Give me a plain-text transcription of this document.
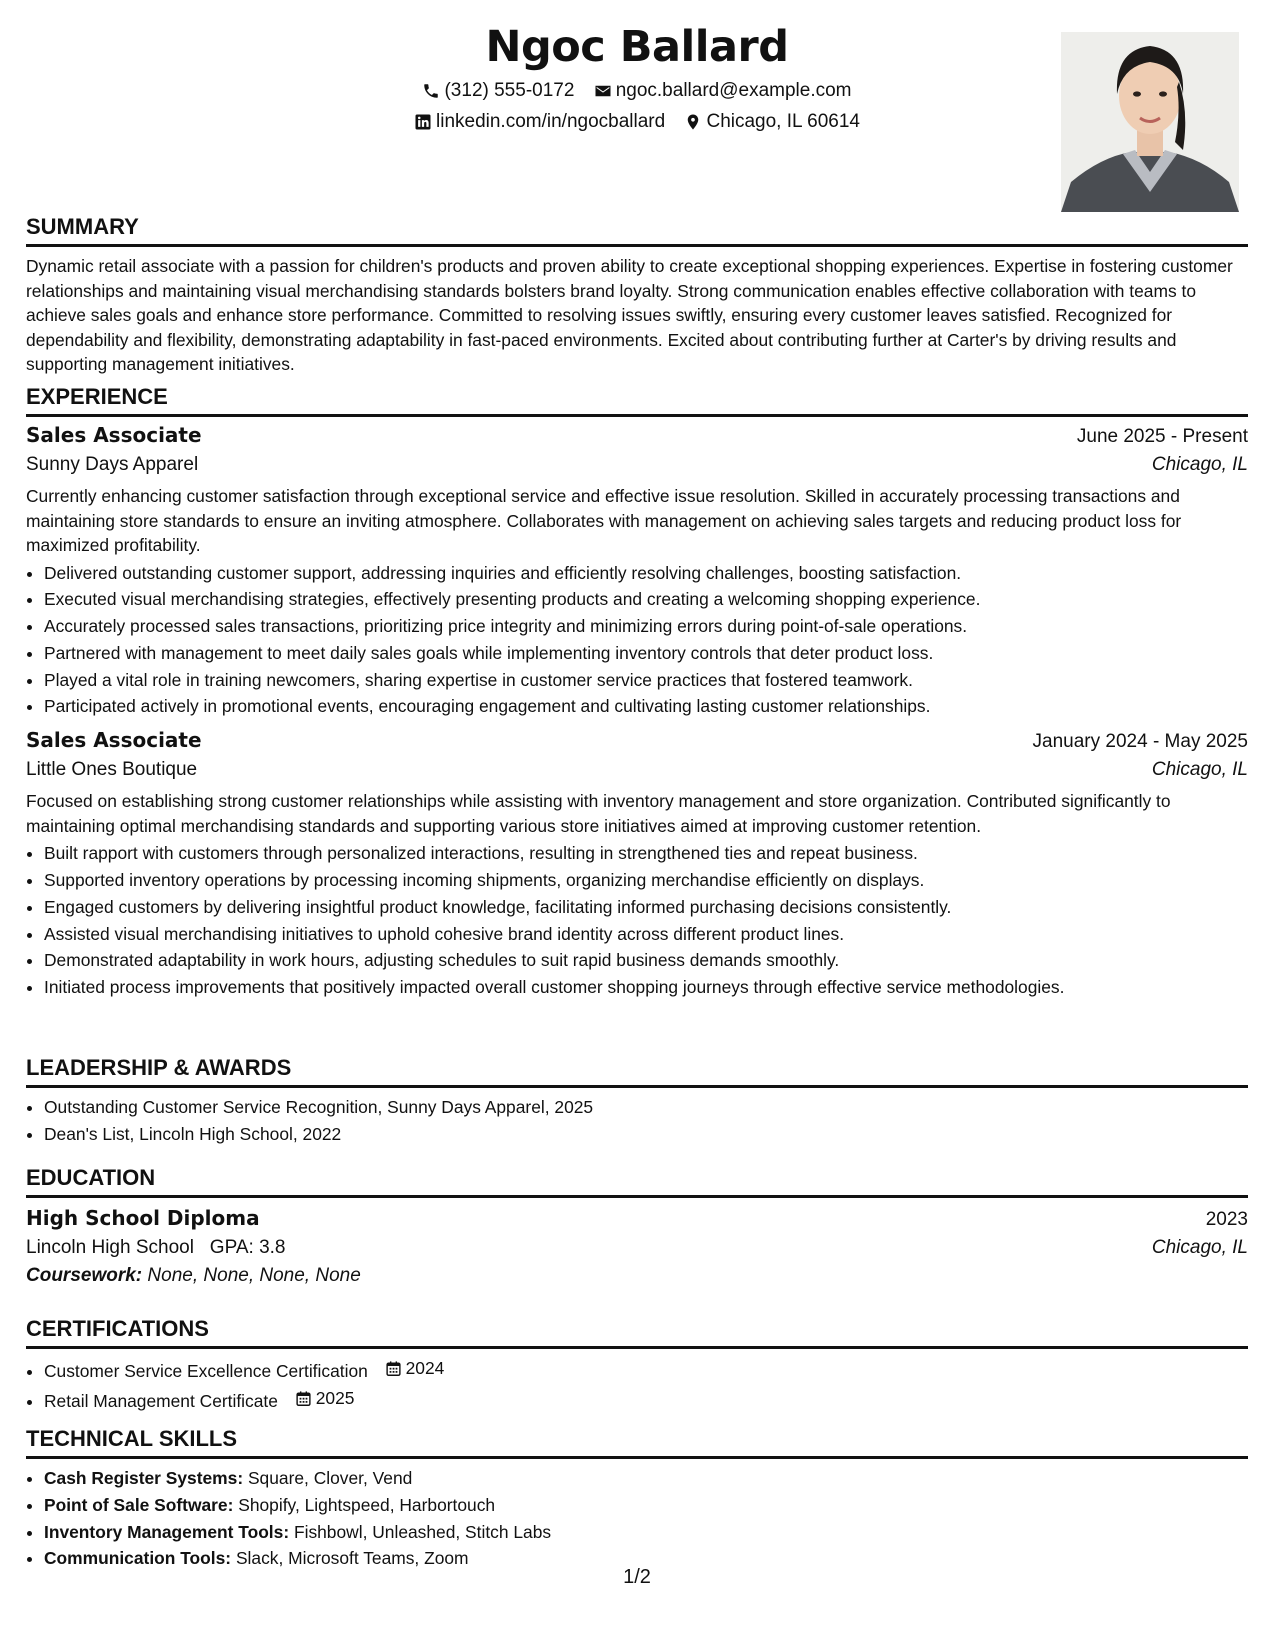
Ngoc Ballard
(312) 555-0172
ngoc.ballard@example.com
linkedin.com/in/ngocballard
Chicago, IL 60614
SUMMARY
Dynamic retail associate with a passion for children's products and proven ability to create exceptional shopping experiences. Expertise in fostering customer relationships and maintaining visual merchandising standards bolsters brand loyalty. Strong communication enables effective collaboration with teams to achieve sales goals and enhance store performance. Committed to resolving issues swiftly, ensuring every customer leaves satisfied. Recognized for dependability and flexibility, demonstrating adaptability in fast-paced environments. Excited about contributing further at Carter's by driving results and supporting management initiatives.
EXPERIENCE
Sales Associate	June 2025 - Present
Sunny Days Apparel	Chicago, IL
Currently enhancing customer satisfaction through exceptional service and effective issue resolution. Skilled in accurately processing transactions and maintaining store standards to ensure an inviting atmosphere. Collaborates with management on achieving sales targets and reducing product loss for maximized profitability.
• Delivered outstanding customer support, addressing inquiries and efficiently resolving challenges, boosting satisfaction.
• Executed visual merchandising strategies, effectively presenting products and creating a welcoming shopping experience.
• Accurately processed sales transactions, prioritizing price integrity and minimizing errors during point-of-sale operations.
• Partnered with management to meet daily sales goals while implementing inventory controls that deter product loss.
• Played a vital role in training newcomers, sharing expertise in customer service practices that fostered teamwork.
• Participated actively in promotional events, encouraging engagement and cultivating lasting customer relationships.
Sales Associate	January 2024 - May 2025
Little Ones Boutique	Chicago, IL
Focused on establishing strong customer relationships while assisting with inventory management and store organization. Contributed significantly to maintaining optimal merchandising standards and supporting various store initiatives aimed at improving customer retention.
• Built rapport with customers through personalized interactions, resulting in strengthened ties and repeat business.
• Supported inventory operations by processing incoming shipments, organizing merchandise efficiently on displays.
• Engaged customers by delivering insightful product knowledge, facilitating informed purchasing decisions consistently.
• Assisted visual merchandising initiatives to uphold cohesive brand identity across different product lines.
• Demonstrated adaptability in work hours, adjusting schedules to suit rapid business demands smoothly.
• Initiated process improvements that positively impacted overall customer shopping journeys through effective service methodologies.
LEADERSHIP & AWARDS
• Outstanding Customer Service Recognition, Sunny Days Apparel, 2025
• Dean's List, Lincoln High School, 2022
EDUCATION
High School Diploma	2023
Lincoln High School GPA: 3.8	Chicago, IL
Coursework: None, None, None, None
CERTIFICATIONS
• Customer Service Excellence Certification 2024
• Retail Management Certificate 2025
TECHNICAL SKILLS
• Cash Register Systems: Square, Clover, Vend
• Point of Sale Software: Shopify, Lightspeed, Harbortouch
• Inventory Management Tools: Fishbowl, Unleashed, Stitch Labs
• Communication Tools: Slack, Microsoft Teams, Zoom
1/2
